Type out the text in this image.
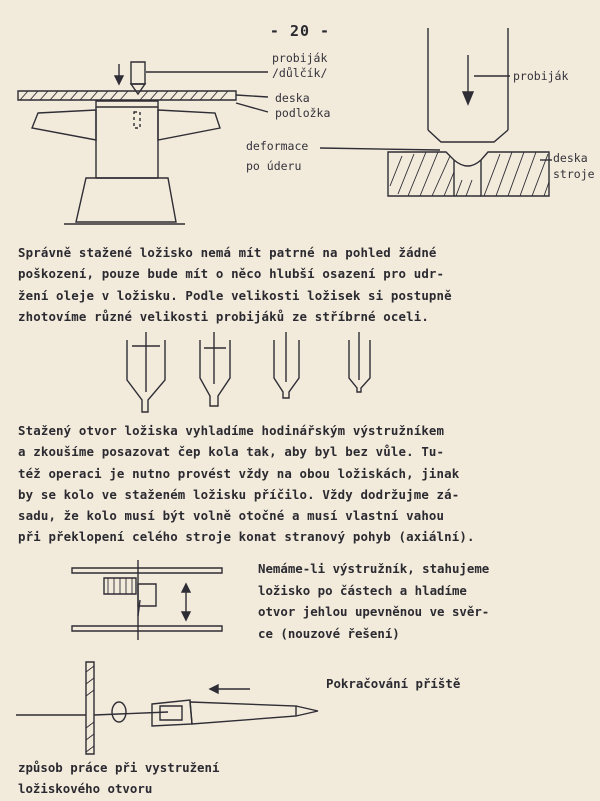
- 20 -
probiják
/důlčík/
deska
podložka
probiják
deformace
po úderu
deska
stroje
Správně stažené ložisko nemá mít patrné na pohled žádné
poškození, pouze bude mít o něco hlubší osazení pro udr-
žení oleje v ložisku. Podle velikosti ložisek si postupně
zhotovíme různé velikosti probijáků ze stříbrné oceli.
Stažený otvor ložiska vyhladíme hodinářským výstružníkem
a zkoušíme posazovat čep kola tak, aby byl bez vůle. Tu-
též operaci je nutno provést vždy na obou ložiskách, jinak
by se kolo ve staženém ložisku příčilo. Vždy dodržujme zá-
sadu, že kolo musí být volně otočné a musí vlastní vahou
při překlopení celého stroje konat stranový pohyb (axiální).
Nemáme-li výstružník, stahujeme
ložisko po částech a hladíme
otvor jehlou upevněnou ve svěr-
ce (nouzové řešení)
Pokračování příště
způsob práce při vystružení
ložiskového otvoru
